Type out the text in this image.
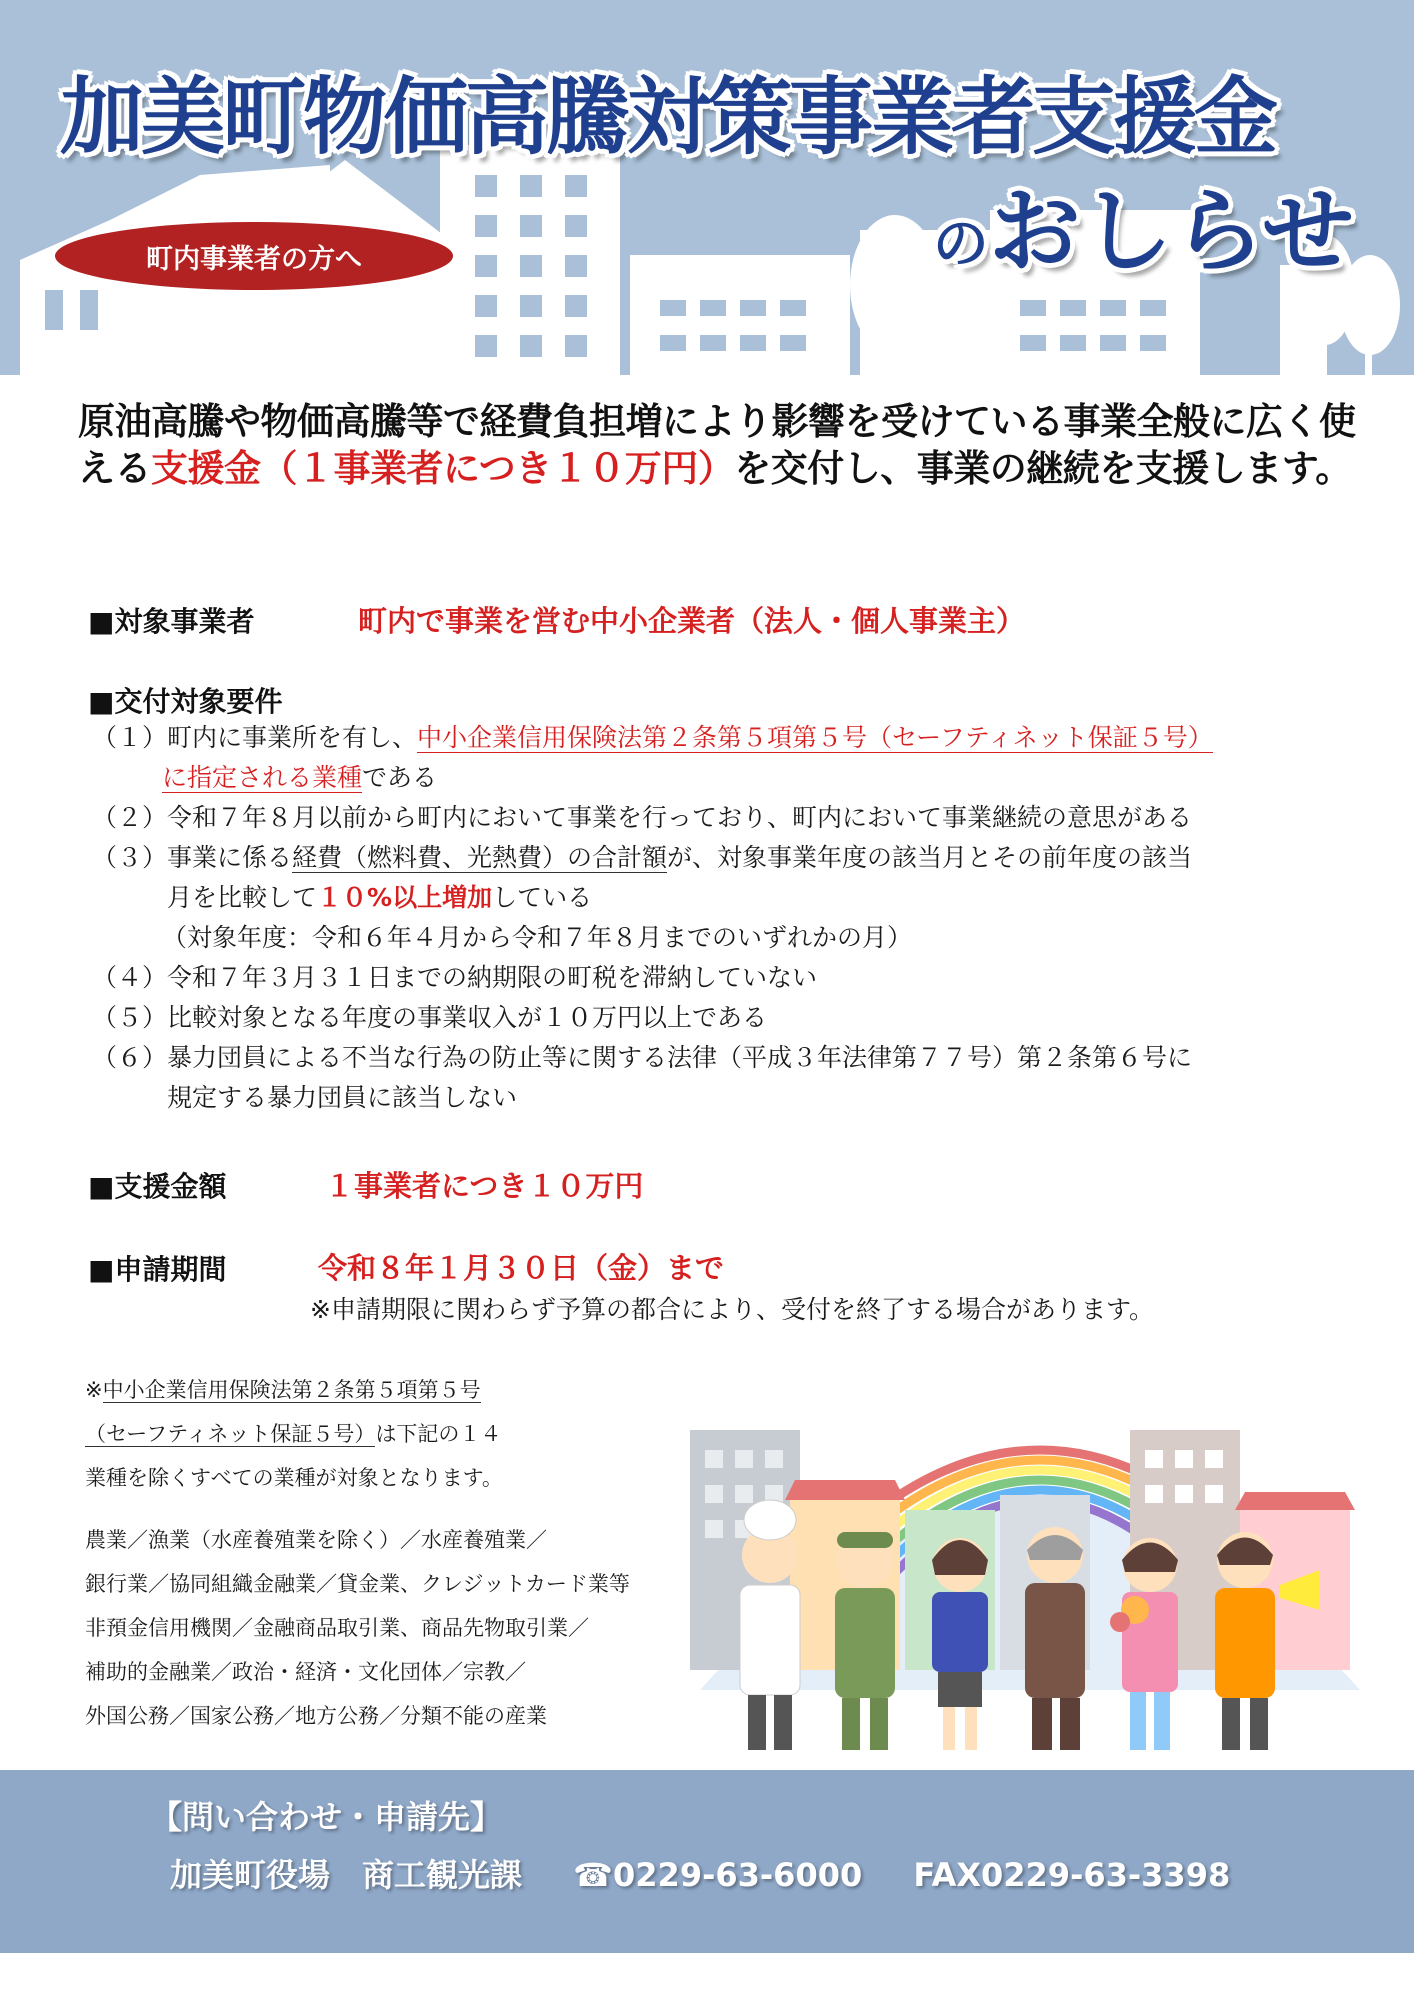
加美町物価高騰対策事業者支援金
のおしらせ
町内事業者の方へ
原油高騰や物価高騰等で経費負担増により影響を受けている事業全般に広く使える支援金（１事業者につき１０万円）を交付し、事業の継続を支援します。
■対象事業者	町内で事業を営む中小企業者（法人・個人事業主）
■交付対象要件
（１） 町内に事業所を有し、中小企業信用保険法第２条第５項第５号（セーフティネット保証５号）
に指定される業種である
（２） 令和７年８月以前から町内において事業を行っており、町内において事業継続の意思がある
（３） 事業に係る経費（燃料費、光熱費）の合計額が、対象事業年度の該当月とその前年度の該当
月を比較して１０%以上増加している
（対象年度：令和６年４月から令和７年８月までのいずれかの月）
（４） 令和７年３月３１日までの納期限の町税を滞納していない
（５） 比較対象となる年度の事業収入が１０万円以上である
（６） 暴力団員による不当な行為の防止等に関する法律（平成３年法律第７７号）第２条第６号に
規定する暴力団員に該当しない
■支援金額	１事業者につき１０万円
■申請期間	令和８年１月３０日（金）まで
※申請期限に関わらず予算の都合により、受付を終了する場合があります。
※中小企業信用保険法第２条第５項第５号
（セーフティネット保証５号）は下記の１４
業種を除くすべての業種が対象となります。
農業／漁業（水産養殖業を除く）／水産養殖業／
銀行業／協同組織金融業／貸金業、クレジットカード業等
非預金信用機関／金融商品取引業、商品先物取引業／
補助的金融業／政治・経済・文化団体／宗教／
外国公務／国家公務／地方公務／分類不能の産業
【問い合わせ・申請先】
加美町役場　商工観光課 ☎0229-63-6000 FAX0229-63-3398
